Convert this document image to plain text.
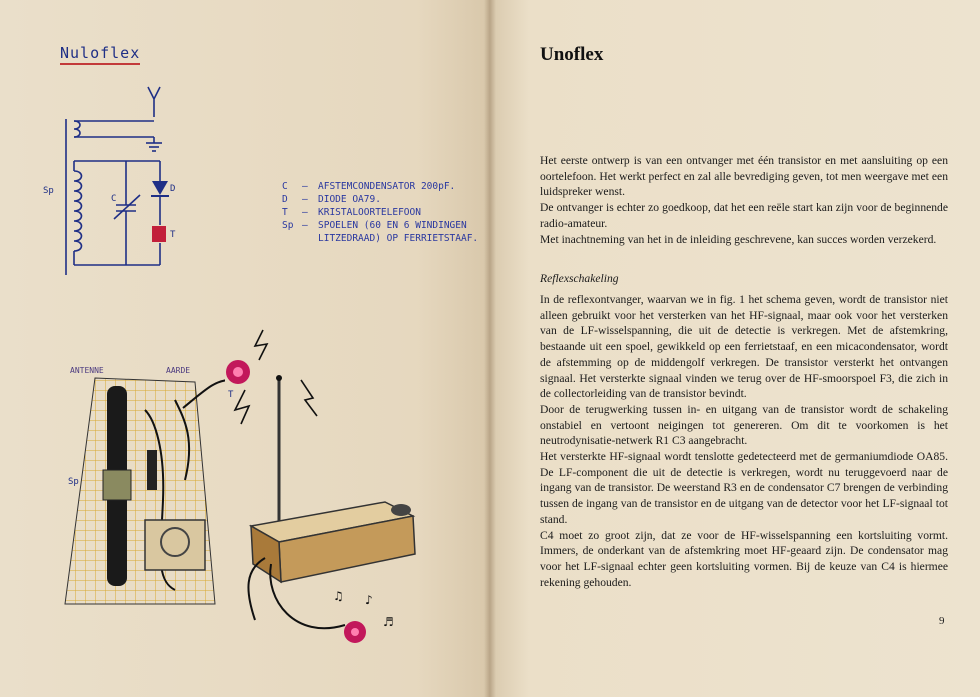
Nuloflex
Sp
C
D
T
C	—	AFSTEMCONDENSATOR 200pF.
D	—	DIODE OA79.
T	—	KRISTALOORTELEFOON
Sp —	SPOELEN (60 EN 6 WINDINGEN
LITZEDRAAD) OP FERRIETSTAAF.
ANTENNE	AARDE
T
Sp
♫ ♪
♬
Unoflex

Het eerste ontwerp is van een ontvanger met één transistor en met aansluiting op een oortelefoon. Het werkt perfect en zal alle bevrediging geven, tot men weergave met een luidspreker wenst.

De ontvanger is echter zo goedkoop, dat het een reële start kan zijn voor de beginnende radio-amateur.

Met inachtneming van het in de inleiding geschrevene, kan succes worden verzekerd.

Reflexschakeling

In de reflexontvanger, waarvan we in fig. 1 het schema geven, wordt de transistor niet alleen gebruikt voor het versterken van het HF-signaal, maar ook voor het versterken van de LF-wisselspanning, die uit de detectie is verkregen. Met de afstemkring, bestaande uit een spoel, gewikkeld op een ferrietstaaf, en een micacondensator, wordt de afstemming op de middengolf verkregen. De transistor versterkt het ontvangen signaal. Het versterkte signaal vinden we terug over de HF-smoorspoel F3, die zich in de collectorleiding van de transistor bevindt.

Door de terugwerking tussen in- en uitgang van de transistor wordt de schakeling onstabiel en vertoont neigingen tot genereren. Om dit te voorkomen is het neutrodynisatie-netwerk R1 C3 aangebracht.

Het versterkte HF-signaal wordt tenslotte gedetecteerd met de germaniumdiode OA85. De LF-component die uit de detectie is verkregen, wordt nu teruggevoerd naar de ingang van de transistor. De weerstand R3 en de condensator C7 brengen de verbinding tussen de ingang van de transistor en de uitgang van de detector voor het LF-signaal tot stand.

C4 moet zo groot zijn, dat ze voor de HF-wisselspanning een kortsluiting vormt. Immers, de onderkant van de afstemkring moet HF-geaard zijn. De condensator mag voor het LF-signaal echter geen kortsluiting vormen. Bij de keuze van C4 is hiermee rekening gehouden.

9
